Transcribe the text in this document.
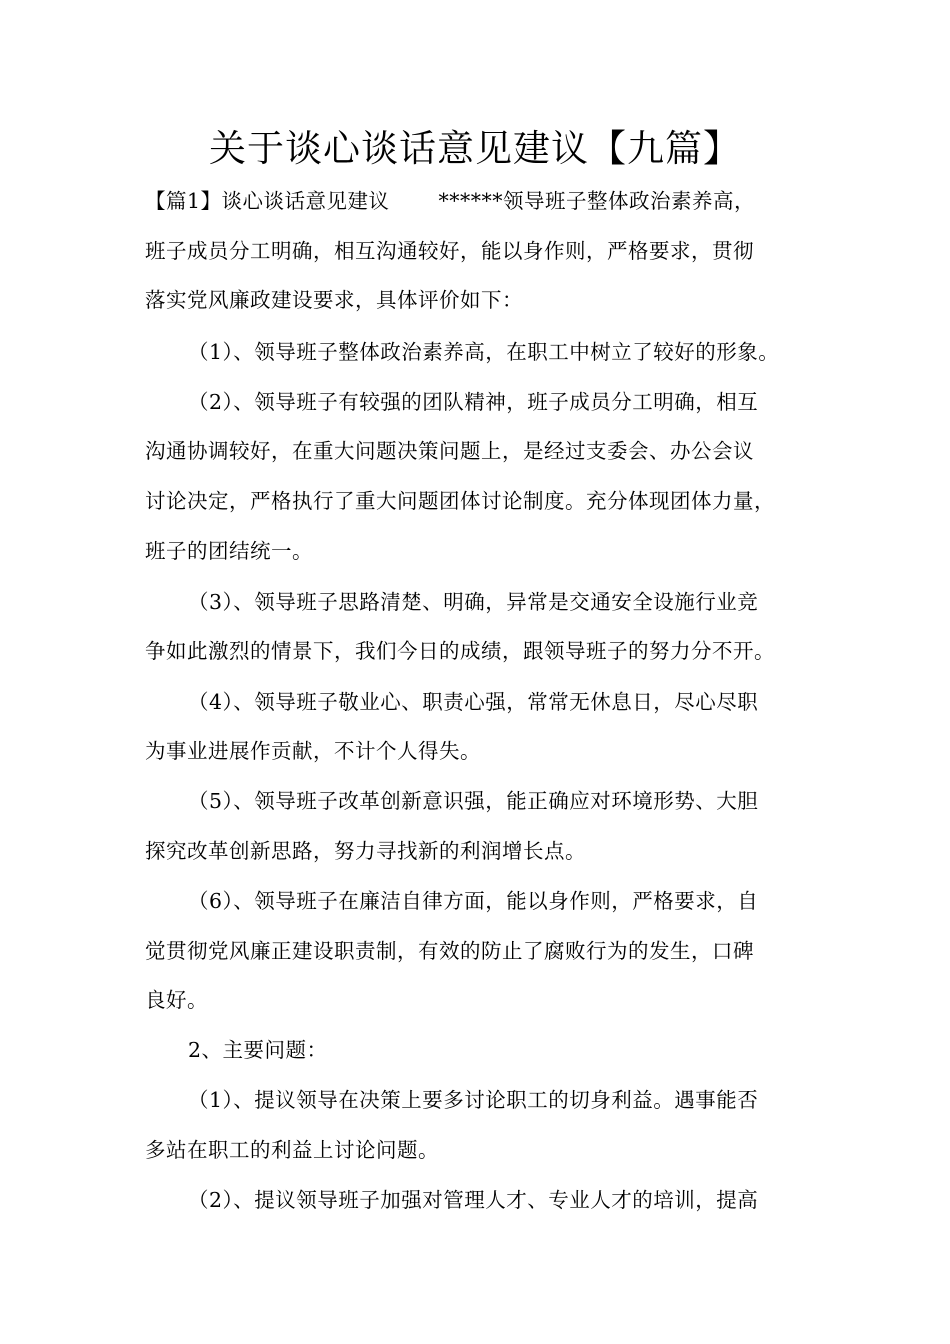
关于谈心谈话意见建议【九篇】

【篇1】谈心谈话意见建议　　 ******领导班子整体政治素养高，

班子成员分工明确，相互沟通较好，能以身作则，严格要求，贯彻

落实党风廉政建设要求，具体评价如下：

（1）、领导班子整体政治素养高，在职工中树立了较好的形象。

（2）、领导班子有较强的团队精神，班子成员分工明确，相互

沟通协调较好，在重大问题决策问题上，是经过支委会、办公会议

讨论决定，严格执行了重大问题团体讨论制度。充分体现团体力量，

班子的团结统一。

（3）、领导班子思路清楚、明确，异常是交通安全设施行业竞

争如此激烈的情景下，我们今日的成绩，跟领导班子的努力分不开。

（4）、领导班子敬业心、职责心强，常常无休息日，尽心尽职

为事业进展作贡献，不计个人得失。

（5）、领导班子改革创新意识强，能正确应对环境形势、大胆

探究改革创新思路，努力寻找新的利润增长点。

（6）、领导班子在廉洁自律方面，能以身作则，严格要求，自

觉贯彻党风廉正建设职责制，有效的防止了腐败行为的发生，口碑

良好。

2、主要问题：

（1）、提议领导在决策上要多讨论职工的切身利益。遇事能否

多站在职工的利益上讨论问题。

（2）、提议领导班子加强对管理人才、专业人才的培训，提高
